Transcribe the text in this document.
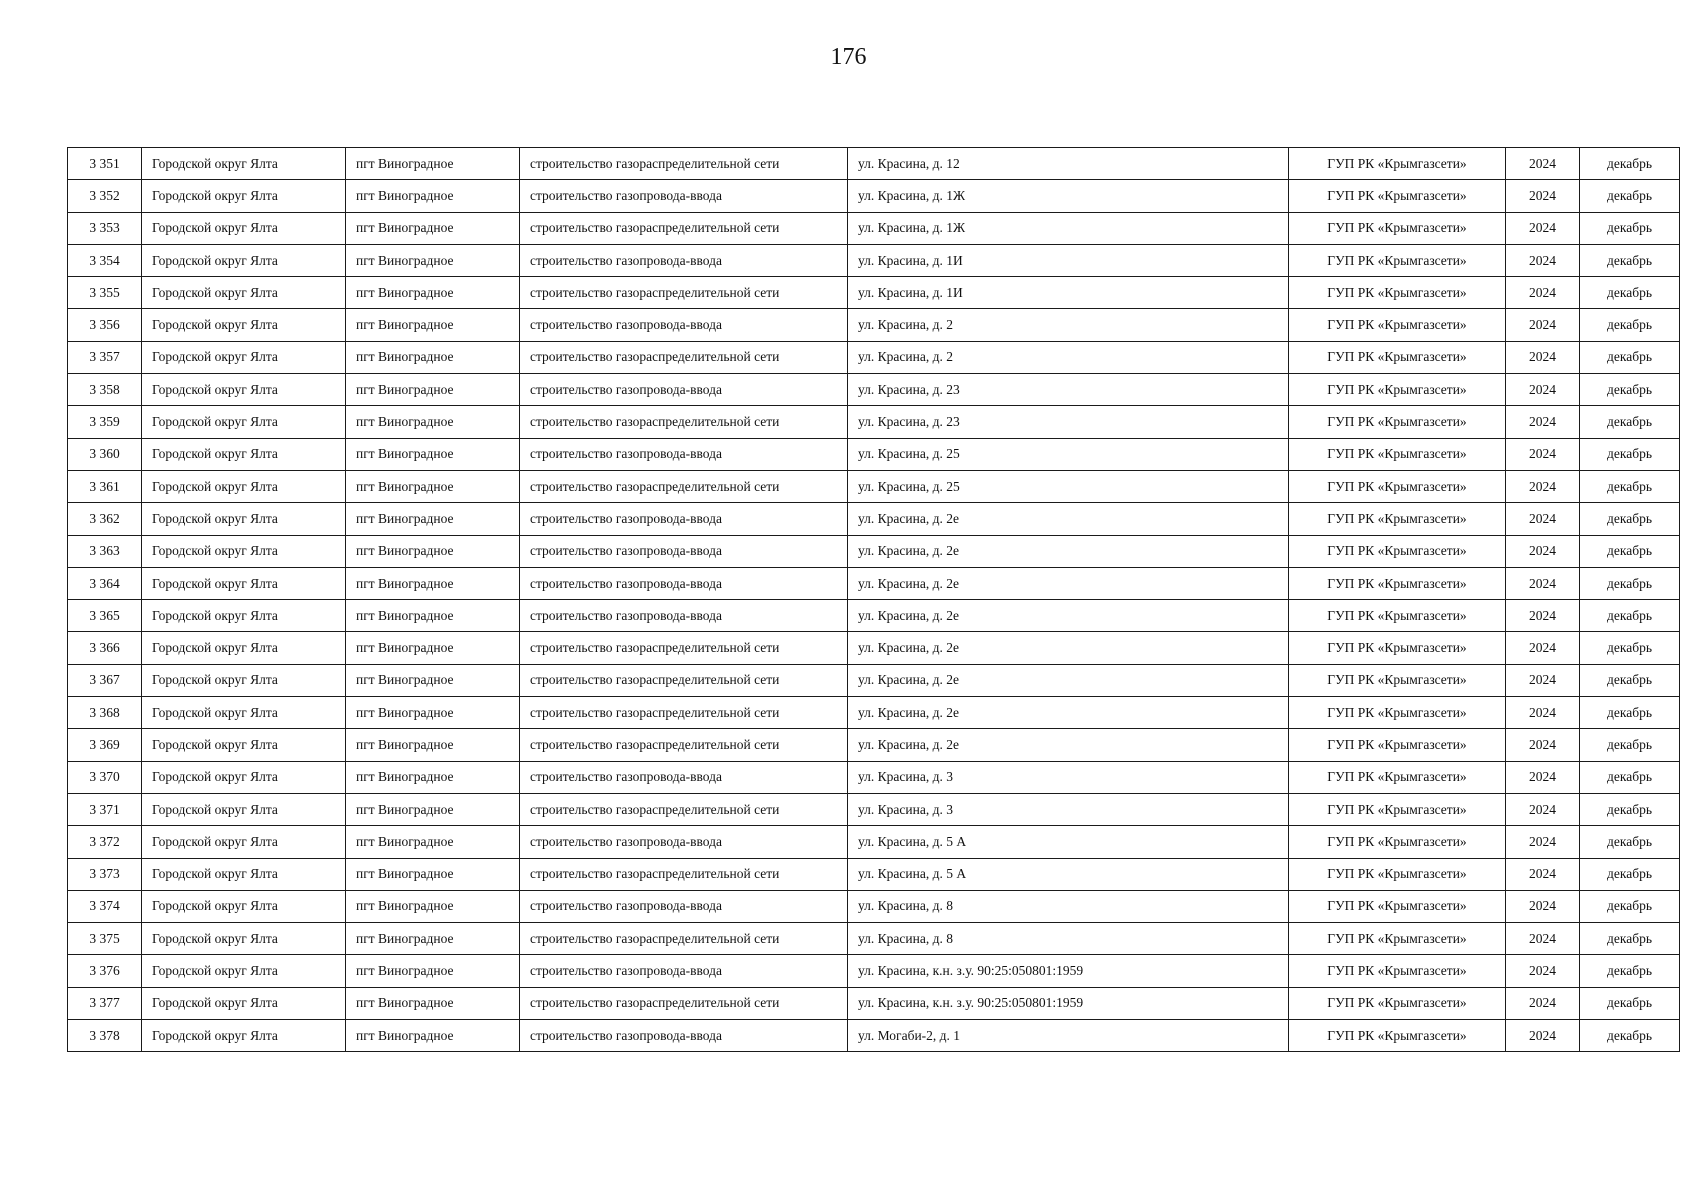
176
3 351	Городской округ Ялта	пгт Виноградное	строительство газораспределительной сети	ул. Красина, д. 12	ГУП РК «Крымгазсети»	2024	декабрь
3 352	Городской округ Ялта	пгт Виноградное	строительство газопровода-ввода	ул. Красина, д. 1Ж	ГУП РК «Крымгазсети»	2024	декабрь
3 353	Городской округ Ялта	пгт Виноградное	строительство газораспределительной сети	ул. Красина, д. 1Ж	ГУП РК «Крымгазсети»	2024	декабрь
3 354	Городской округ Ялта	пгт Виноградное	строительство газопровода-ввода	ул. Красина, д. 1И	ГУП РК «Крымгазсети»	2024	декабрь
3 355	Городской округ Ялта	пгт Виноградное	строительство газораспределительной сети	ул. Красина, д. 1И	ГУП РК «Крымгазсети»	2024	декабрь
3 356	Городской округ Ялта	пгт Виноградное	строительство газопровода-ввода	ул. Красина, д. 2	ГУП РК «Крымгазсети»	2024	декабрь
3 357	Городской округ Ялта	пгт Виноградное	строительство газораспределительной сети	ул. Красина, д. 2	ГУП РК «Крымгазсети»	2024	декабрь
3 358	Городской округ Ялта	пгт Виноградное	строительство газопровода-ввода	ул. Красина, д. 23	ГУП РК «Крымгазсети»	2024	декабрь
3 359	Городской округ Ялта	пгт Виноградное	строительство газораспределительной сети	ул. Красина, д. 23	ГУП РК «Крымгазсети»	2024	декабрь
3 360	Городской округ Ялта	пгт Виноградное	строительство газопровода-ввода	ул. Красина, д. 25	ГУП РК «Крымгазсети»	2024	декабрь
3 361	Городской округ Ялта	пгт Виноградное	строительство газораспределительной сети	ул. Красина, д. 25	ГУП РК «Крымгазсети»	2024	декабрь
3 362	Городской округ Ялта	пгт Виноградное	строительство газопровода-ввода	ул. Красина, д. 2е	ГУП РК «Крымгазсети»	2024	декабрь
3 363	Городской округ Ялта	пгт Виноградное	строительство газопровода-ввода	ул. Красина, д. 2е	ГУП РК «Крымгазсети»	2024	декабрь
3 364	Городской округ Ялта	пгт Виноградное	строительство газопровода-ввода	ул. Красина, д. 2е	ГУП РК «Крымгазсети»	2024	декабрь
3 365	Городской округ Ялта	пгт Виноградное	строительство газопровода-ввода	ул. Красина, д. 2е	ГУП РК «Крымгазсети»	2024	декабрь
3 366	Городской округ Ялта	пгт Виноградное	строительство газораспределительной сети	ул. Красина, д. 2е	ГУП РК «Крымгазсети»	2024	декабрь
3 367	Городской округ Ялта	пгт Виноградное	строительство газораспределительной сети	ул. Красина, д. 2е	ГУП РК «Крымгазсети»	2024	декабрь
3 368	Городской округ Ялта	пгт Виноградное	строительство газораспределительной сети	ул. Красина, д. 2е	ГУП РК «Крымгазсети»	2024	декабрь
3 369	Городской округ Ялта	пгт Виноградное	строительство газораспределительной сети	ул. Красина, д. 2е	ГУП РК «Крымгазсети»	2024	декабрь
3 370	Городской округ Ялта	пгт Виноградное	строительство газопровода-ввода	ул. Красина, д. 3	ГУП РК «Крымгазсети»	2024	декабрь
3 371	Городской округ Ялта	пгт Виноградное	строительство газораспределительной сети	ул. Красина, д. 3	ГУП РК «Крымгазсети»	2024	декабрь
3 372	Городской округ Ялта	пгт Виноградное	строительство газопровода-ввода	ул. Красина, д. 5 А	ГУП РК «Крымгазсети»	2024	декабрь
3 373	Городской округ Ялта	пгт Виноградное	строительство газораспределительной сети	ул. Красина, д. 5 А	ГУП РК «Крымгазсети»	2024	декабрь
3 374	Городской округ Ялта	пгт Виноградное	строительство газопровода-ввода	ул. Красина, д. 8	ГУП РК «Крымгазсети»	2024	декабрь
3 375	Городской округ Ялта	пгт Виноградное	строительство газораспределительной сети	ул. Красина, д. 8	ГУП РК «Крымгазсети»	2024	декабрь
3 376	Городской округ Ялта	пгт Виноградное	строительство газопровода-ввода	ул. Красина, к.н. з.у. 90:25:050801:1959	ГУП РК «Крымгазсети»	2024	декабрь
3 377	Городской округ Ялта	пгт Виноградное	строительство газораспределительной сети	ул. Красина, к.н. з.у. 90:25:050801:1959	ГУП РК «Крымгазсети»	2024	декабрь
3 378	Городской округ Ялта	пгт Виноградное	строительство газопровода-ввода	ул. Могаби-2, д. 1	ГУП РК «Крымгазсети»	2024	декабрь
